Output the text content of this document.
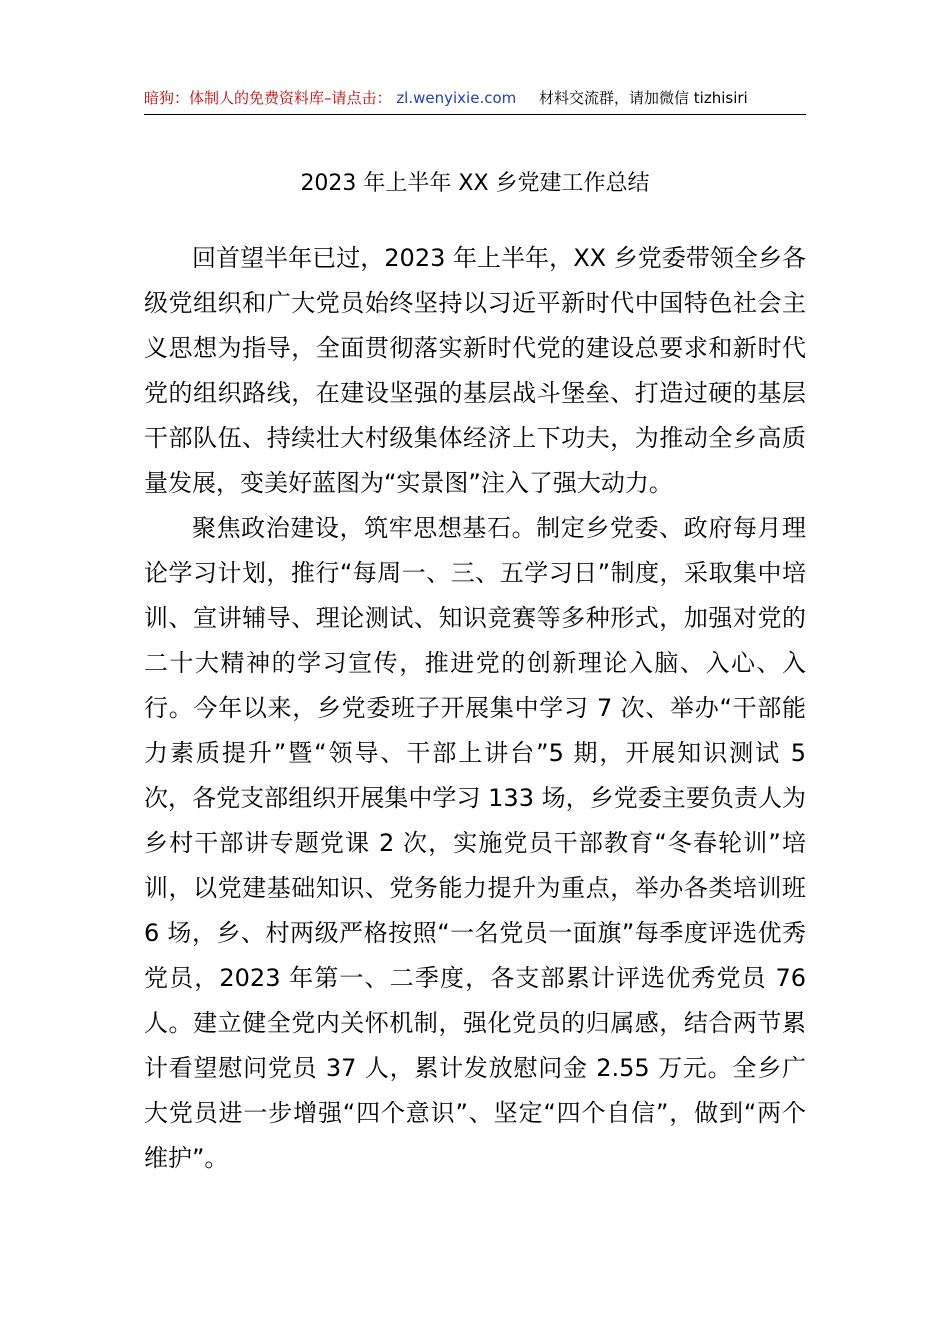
暗狗：体制人的免费资料库–请点击： zl.wenyixie.com 材料交流群，请加微信 tizhisiri
2023 年上半年 XX 乡党建工作总结

回首望半年已过，2023 年上半年，XX 乡党委带领全乡各级党组织和广大党员始终坚持以习近平新时代中国特色社会主义思想为指导，全面贯彻落实新时代党的建设总要求和新时代党的组织路线，在建设坚强的基层战斗堡垒、打造过硬的基层干部队伍、持续壮大村级集体经济上下功夫，为推动全乡高质量发展，变美好蓝图为“实景图”注入了强大动力。

聚焦政治建设，筑牢思想基石。制定乡党委、政府每月理论学习计划，推行“每周一、三、五学习日”制度，采取集中培训、宣讲辅导、理论测试、知识竞赛等多种形式，加强对党的二十大精神的学习宣传，推进党的创新理论入脑、入心、入行。今年以来，乡党委班子开展集中学习 7 次、举办“干部能力素质提升”暨“领导、干部上讲台”5 期，开展知识测试 5 次，各党支部组织开展集中学习 133 场，乡党委主要负责人为乡村干部讲专题党课 2 次，实施党员干部教育“冬春轮训”培训，以党建基础知识、党务能力提升为重点，举办各类培训班 6 场，乡、村两级严格按照“一名党员一面旗”每季度评选优秀党员，2023 年第一、二季度，各支部累计评选优秀党员 76 人。建立健全党内关怀机制，强化党员的归属感，结合两节累计看望慰问党员 37 人，累计发放慰问金 2.55 万元。全乡广大党员进一步增强“四个意识”、坚定“四个自信”，做到“两个维护”。
